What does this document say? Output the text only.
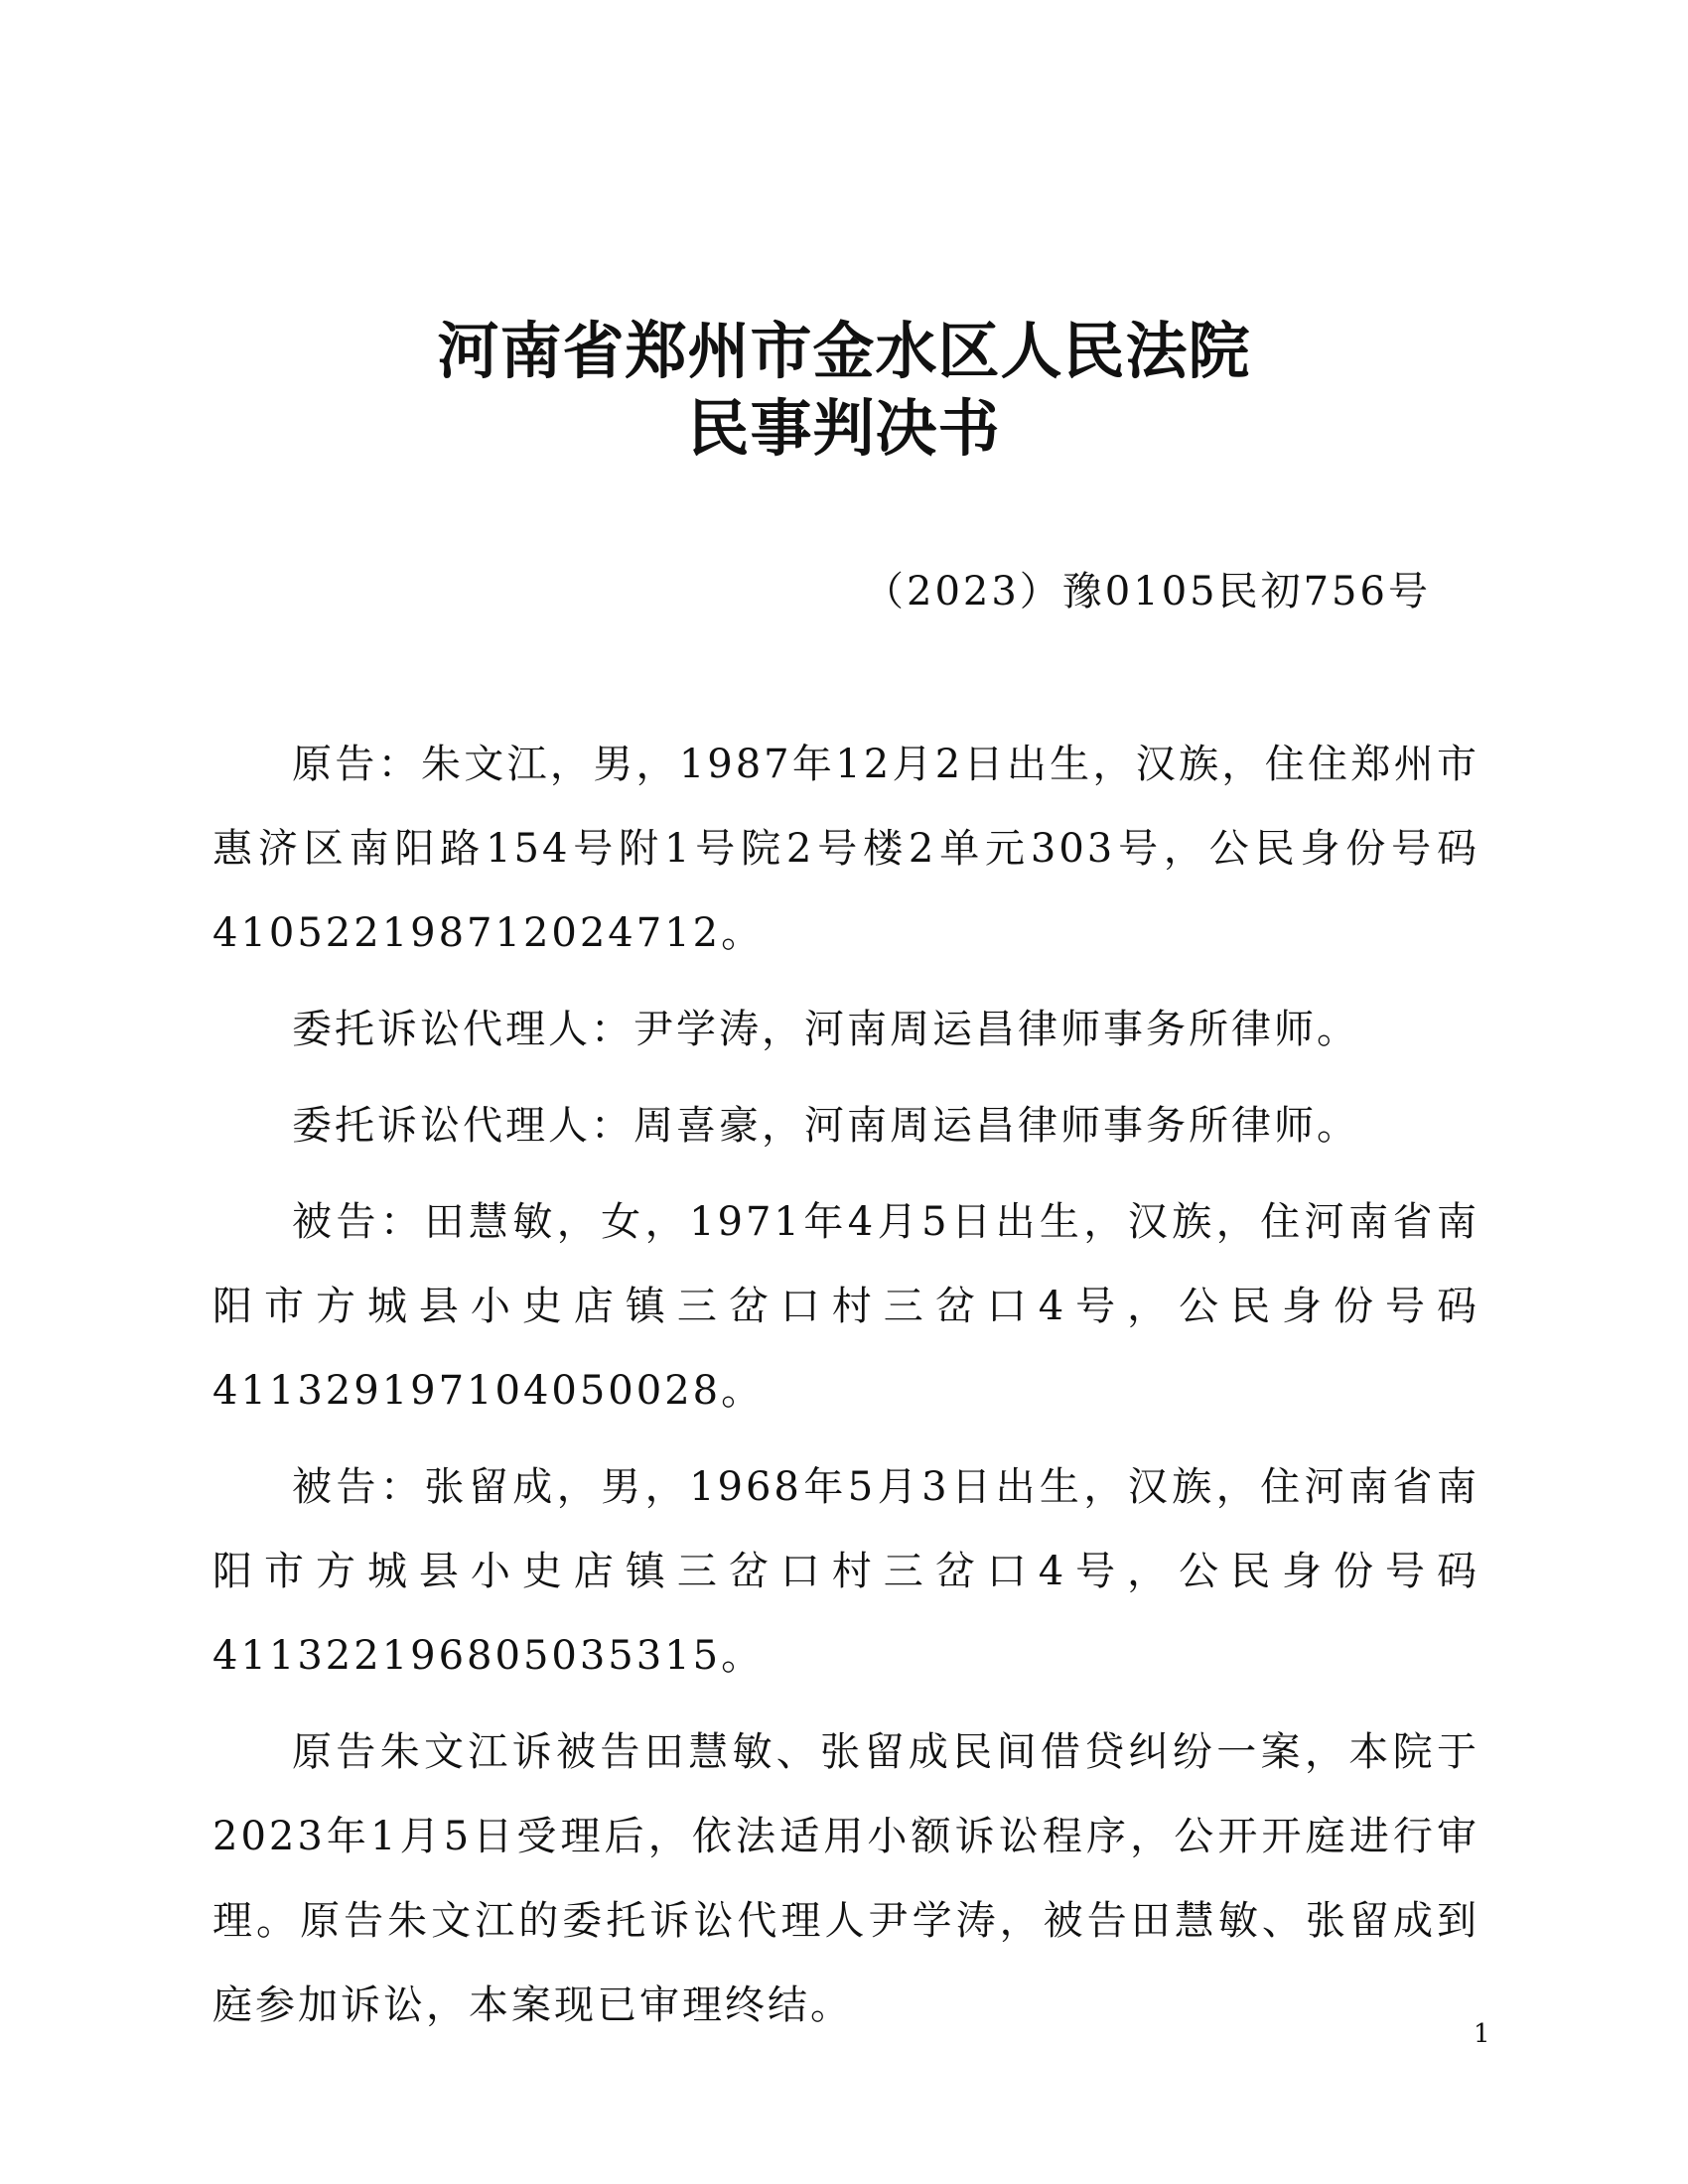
河南省郑州市金水区人民法院
民事判决书
（2023）豫0105民初756号

原告：朱文江，男，1987年12月2日出生，汉族，住住郑州市惠济区南阳路154号附1号院2号楼2单元303号，公民身份号码410522198712024712。

委托诉讼代理人：尹学涛，河南周运昌律师事务所律师。

委托诉讼代理人：周喜豪，河南周运昌律师事务所律师。

被告：田慧敏，女，1971年4月5日出生，汉族，住河南省南阳市方城县小史店镇三岔口村三岔口4号，公民身份号码411329197104050028。

被告：张留成，男，1968年5月3日出生，汉族，住河南省南阳市方城县小史店镇三岔口村三岔口4号，公民身份号码411322196805035315。

原告朱文江诉被告田慧敏、张留成民间借贷纠纷一案，本院于2023年1月5日受理后，依法适用小额诉讼程序，公开开庭进行审理。原告朱文江的委托诉讼代理人尹学涛，被告田慧敏、张留成到庭参加诉讼，本案现已审理终结。

1
